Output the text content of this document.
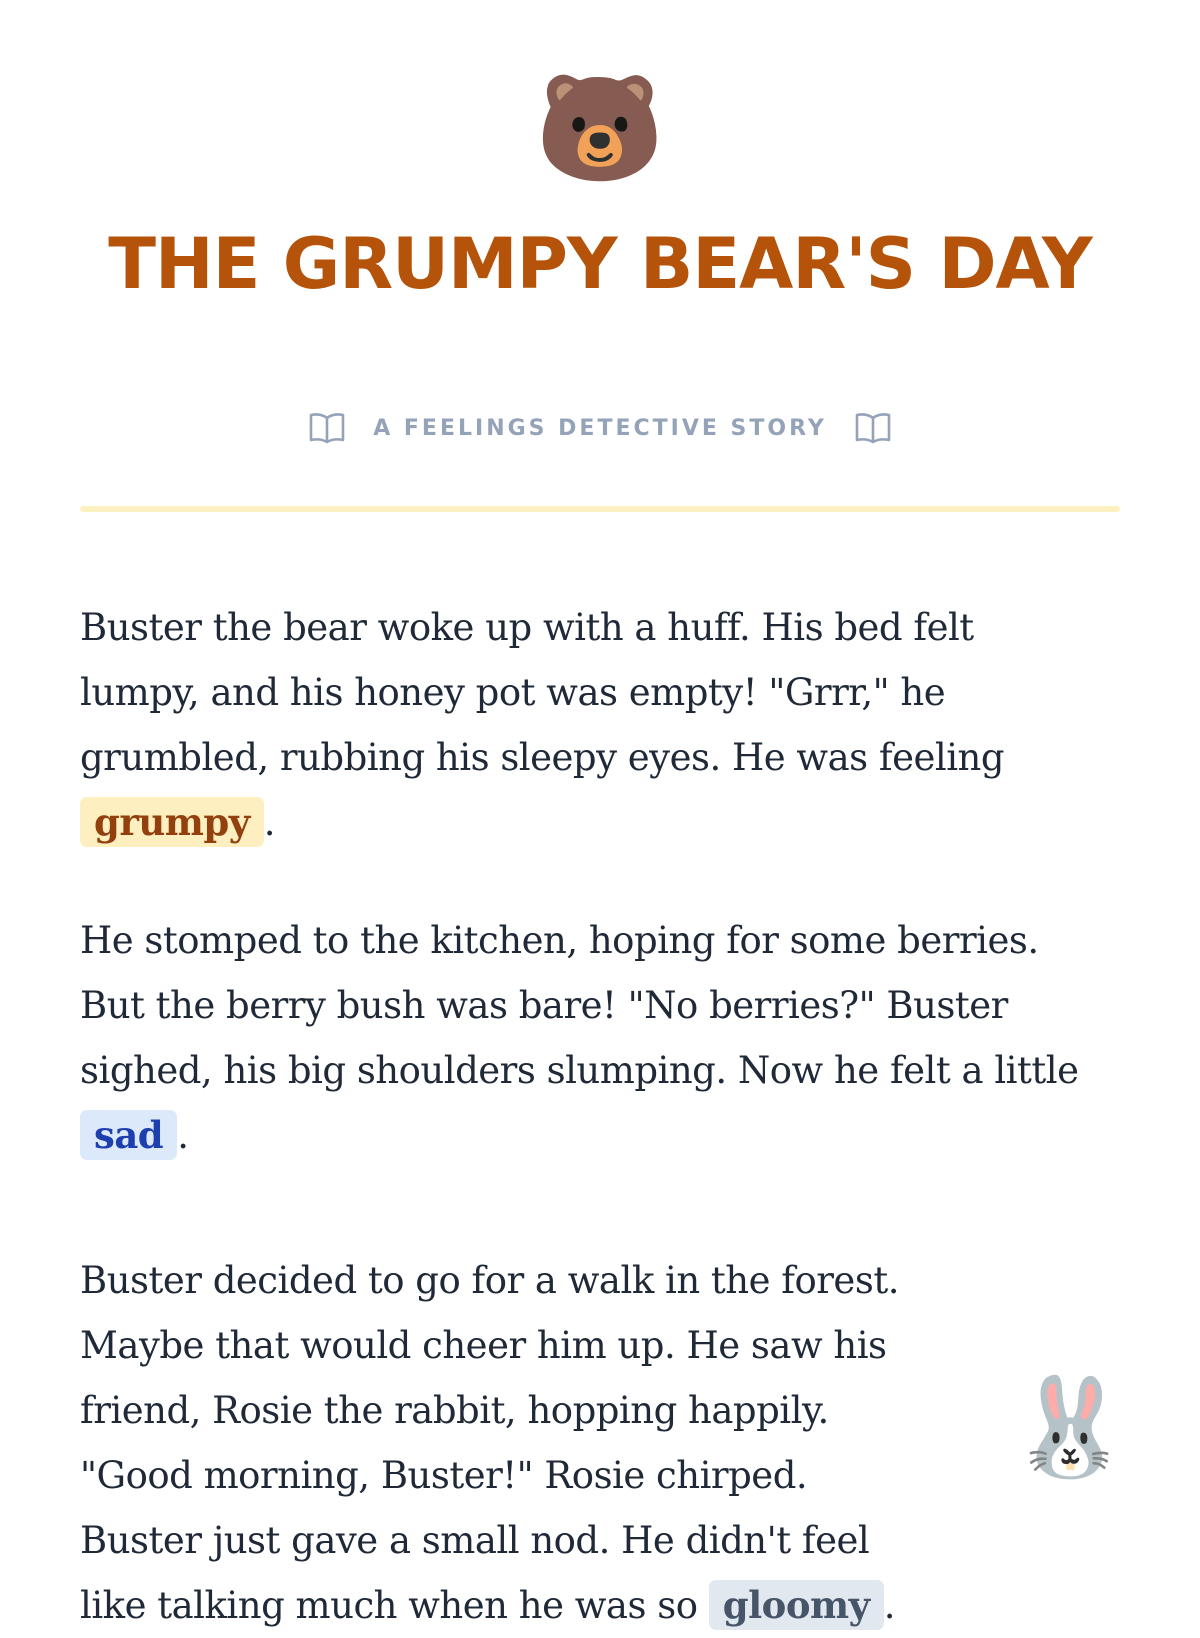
🐻
THE GRUMPY BEAR'S DAY
A FEELINGS DETECTIVE STORY

Buster the bear woke up with a huff. His bed felt
lumpy, and his honey pot was empty! "Grrr," he
grumbled, rubbing his sleepy eyes. He was feeling
grumpy .

He stomped to the kitchen, hoping for some berries.
But the berry bush was bare! "No berries?" Buster
sighed, his big shoulders slumping. Now he felt a little
sad .

Buster decided to go for a walk in the forest.
Maybe that would cheer him up. He saw his
friend, Rosie the rabbit, hopping happily.
"Good morning, Buster!" Rosie chirped.
Buster just gave a small nod. He didn't feel
like talking much when he was so gloomy .

🐰
